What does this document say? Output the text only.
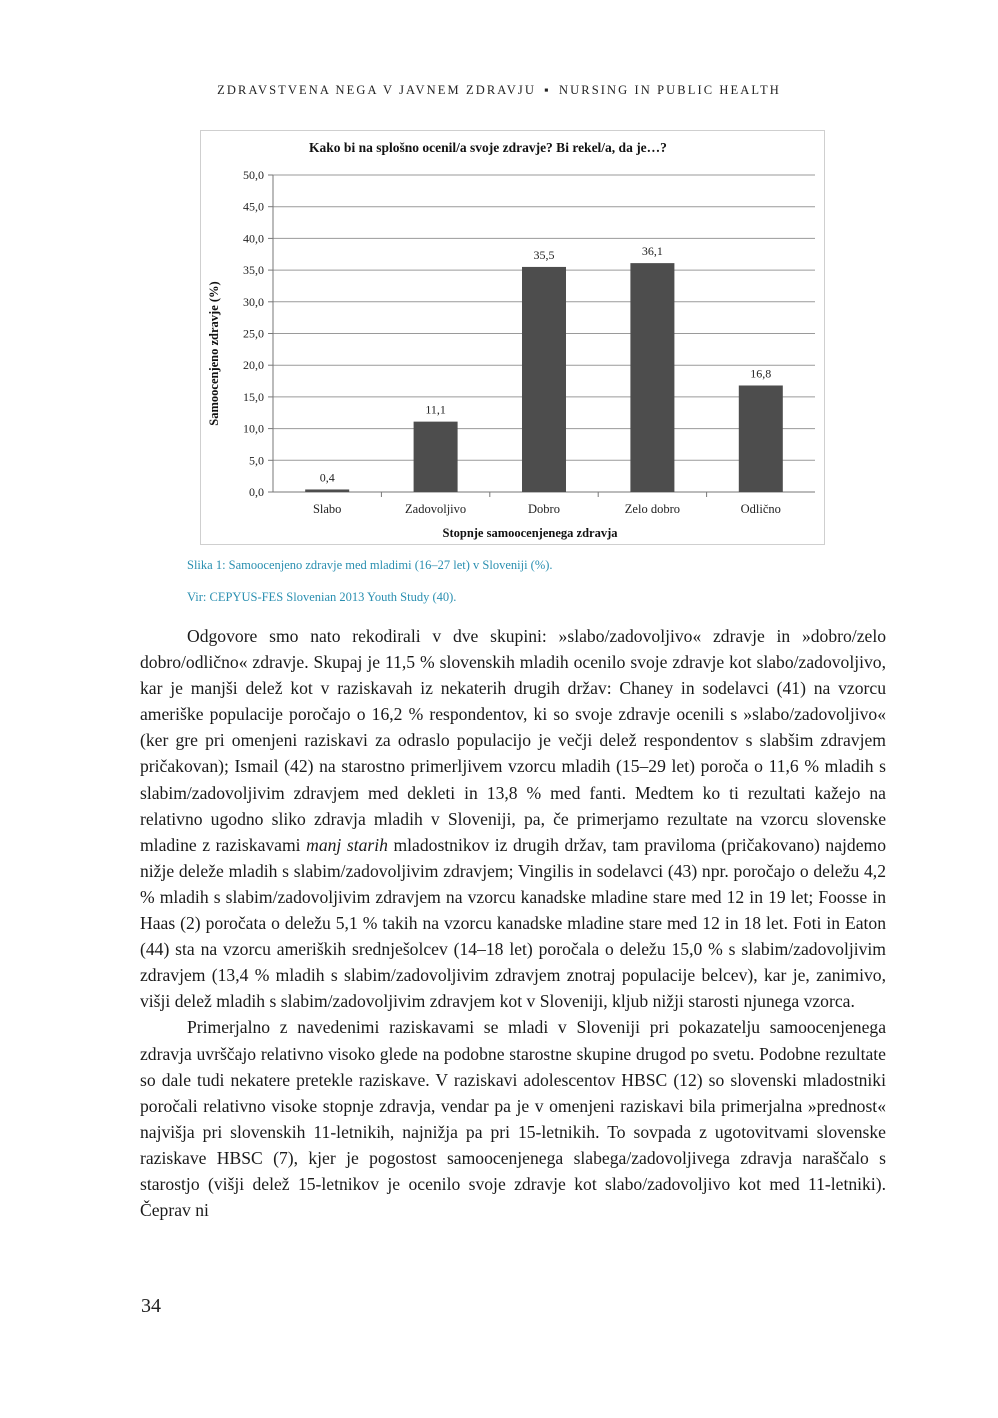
ZDRAVSTVENA NEGA V JAVNEM ZDRAVJU ▪ NURSING IN PUBLIC HEALTH
Kako bi na splošno ocenil/a svoje zdravje? Bi rekel/a, da je…?
0,0
5,0
10,0
15,0
20,0
25,0
30,0
35,0
40,0
45,0
50,0
0,4
Slabo
11,1
Zadovoljivo
35,5
Dobro
36,1
Zelo dobro
16,8
Odlično
Stopnje samoocenjenega zdravja
Samoocenjeno zdravje (%)
Slika 1: Samoocenjeno zdravje med mladimi (16–27 let) v Sloveniji (%).
Vir: CEPYUS-FES Slovenian 2013 Youth Study (40).

Odgovore smo nato rekodirali v dve skupini: »slabo/zadovoljivo« zdravje in »dobro/zelo dobro/odlično« zdravje. Skupaj je 11,5 % slovenskih mladih ocenilo svoje zdravje kot slabo/zadovoljivo, kar je manjši delež kot v raziskavah iz nekaterih drugih držav: Chaney in sodelavci (41) na vzorcu ameriške populacije poročajo o 16,2 % respondentov, ki so svoje zdravje ocenili s »slabo/zadovoljivo« (ker gre pri omenjeni raziskavi za odraslo populacijo je večji delež respondentov s slabšim zdravjem pričakovan); Ismail (42) na starostno primerljivem vzorcu mladih (15–29 let) poroča o 11,6 % mladih s slabim/zadovoljivim zdravjem med dekleti in 13,8 % med fanti. Medtem ko ti rezultati kažejo na relativno ugodno sliko zdravja mladih v Sloveniji, pa, če primerjamo rezultate na vzorcu slovenske mladine z raziskavami manj starih mladostnikov iz drugih držav, tam praviloma (pričakovano) najdemo nižje deleže mladih s slabim/zadovoljivim zdravjem; Vingilis in sodelavci (43) npr. poročajo o deležu 4,2 % mladih s slabim/zadovoljivim zdravjem na vzorcu kanadske mladine stare med 12 in 19 let; Foosse in Haas (2) poročata o deležu 5,1 % takih na vzorcu kanadske mladine stare med 12 in 18 let. Foti in Eaton (44) sta na vzorcu ameriških srednješolcev (14–18 let) poročala o deležu 15,0 % s slabim/zadovoljivim zdravjem (13,4 % mladih s slabim/zadovoljivim zdravjem znotraj populacije belcev), kar je, zanimivo, višji delež mladih s slabim/zadovoljivim zdravjem kot v Sloveniji, kljub nižji starosti njunega vzorca.

Primerjalno z navedenimi raziskavami se mladi v Sloveniji pri pokazatelju samoocenjenega zdravja uvrščajo relativno visoko glede na podobne starostne skupine drugod po svetu. Podobne rezultate so dale tudi nekatere pretekle raziskave. V raziskavi adolescentov HBSC (12) so slovenski mladostniki poročali relativno visoke stopnje zdravja, vendar pa je v omenjeni raziskavi bila primerjalna »prednost« najvišja pri slovenskih 11-letnikih, najnižja pa pri 15-letnikih. To sovpada z ugotovitvami slovenske raziskave HBSC (7), kjer je pogostost samoocenjenega slabega/zadovoljivega zdravja naraščalo s starostjo (višji delež 15-letnikov je ocenilo svoje zdravje kot slabo/zadovoljivo kot med 11-letniki). Čeprav ni

34
